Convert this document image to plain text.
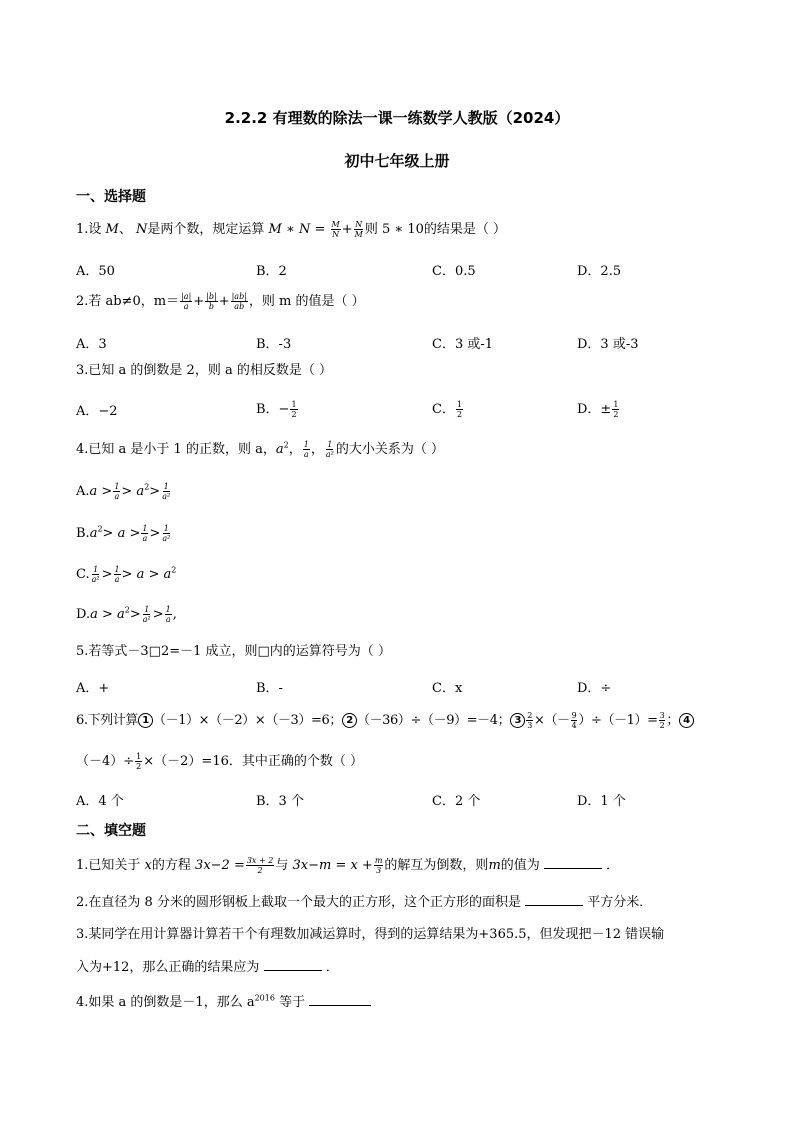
2.2.2 有理数的除法一课一练数学人教版（2024）
初中七年级上册
一、选择题
1.设 M、 N是两个数，规定运算 M ∗ $N = \frac{M}{N} + \frac{N}{M}$ 则 5 ∗ 10的结果是（ ）
A．50	B．2	C．0.5	D．2.5
2.若 ab≠0，$m= \frac{|a|}{a} + \frac{|b|}{b} + \frac{|ab|}{ab}$ ，则 m 的值是（ ）
A．3	B．-3	C．3 或-1	D．3 或-3
3.已知 a 的倒数是 2，则 a 的相反数是（ ）
A．−2	B．− $\frac{1}{2}$	C． $\frac{1}{2}$	D．± $\frac{1}{2}$
4.已知 a 是小于 1 的正数，则 a，$a^2$， $\frac{1}{a}$ ， $\frac{1}{\text{a²}}$ 的大小关系为（ ）
$A.a > \frac{1}{a} > a^2> \frac{1}{\text{a²}}$
$B.a^2> a > \frac{1}{a} > \frac{1}{\text{a²}}$
C. $\frac{1}{\text{a²}} > \frac{1}{a} > a > a^2$
$D.a > a^2> \frac{1}{\text{a²}} > \frac{1}{a}$ ,
5.若等式－3□2=－1 成立，则□内的运算符号为（ ）
A．+	B．-	C．x	D．÷
6.下列计算 1 （－1）×（－2）×（－3）=6； 2 （－36）÷（－9）=－4； $3 \frac{2}{3}$ ×（－ $\frac{9}{4} )\div(-1)= \frac{3}{2}$ ； 4
$(-4)\div \frac{1}{2} \times(-2)=16$．其中正确的个数（ ）
A．4 个	B．3 个	C．2 个	D．1 个
二、填空题
1.已知关于 x的方程 $3x-2 = \frac{3x + 2}{2}$ 与 $3x-m = x + \frac{m}{3}$ 的解互为倒数，则m的值为	．
2.在直径为 8 分米的圆形钢板上截取一个最大的正方形，这个正方形的面积是	平方分米．
3.某同学在用计算器计算若干个有理数加减运算时，得到的运算结果为+365.5，但发现把－12 错误输
入为+12，那么正确的结果应为	．
4.如果 a 的倒数是－1，那么 $a^{2016}$ 等于
